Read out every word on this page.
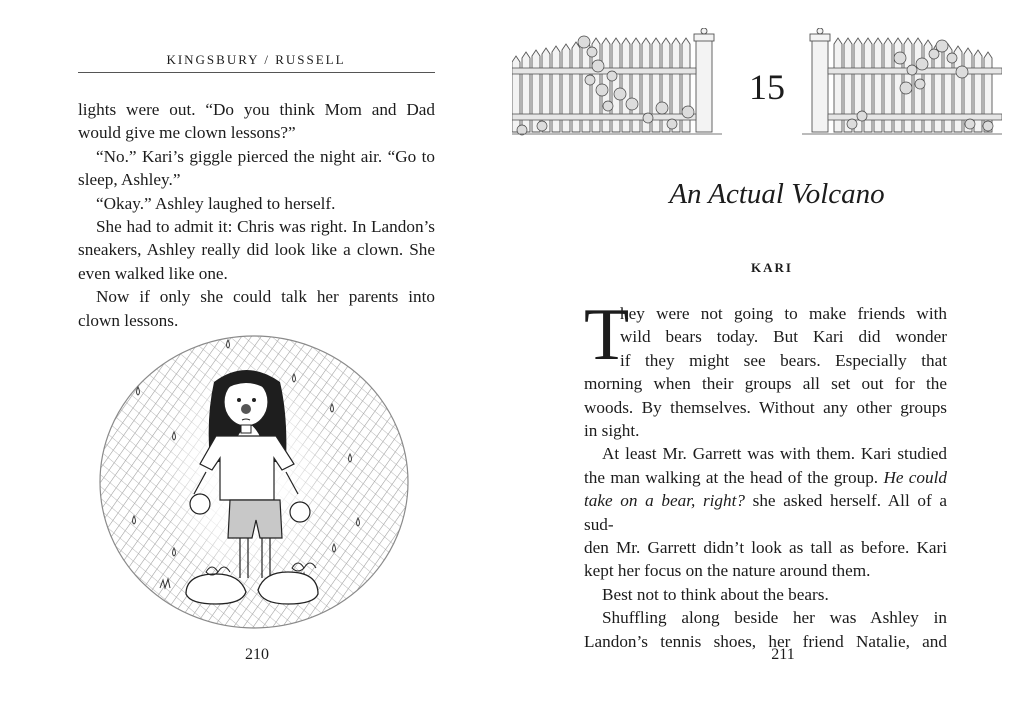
KINGSBURY / RUSSELL

lights were out. “Do you think Mom and Dad

would give me clown lessons?”

“No.” Kari’s giggle pierced the night air. “Go to

sleep, Ashley.”

“Okay.” Ashley laughed to herself.

She had to admit it: Chris was right. In Landon’s

sneakers, Ashley really did look like a clown. She

even walked like one.

Now if only she could talk her parents into

clown lessons.

210
15
An Actual Volcano
KARI
T

hey were not going to make friends with

wild bears today. But Kari did wonder

if they might see bears. Especially that

morning when their groups all set out for the

woods. By themselves. Without any other groups

in sight.

At least Mr. Garrett was with them. Kari studied

the man walking at the head of the group. He could

take on a bear, right? she asked herself. All of a sud-

den Mr. Garrett didn’t look as tall as before. Kari

kept her focus on the nature around them.

Best not to think about the bears.

Shuffling along beside her was Ashley in

Landon’s tennis shoes, her friend Natalie, and

211
